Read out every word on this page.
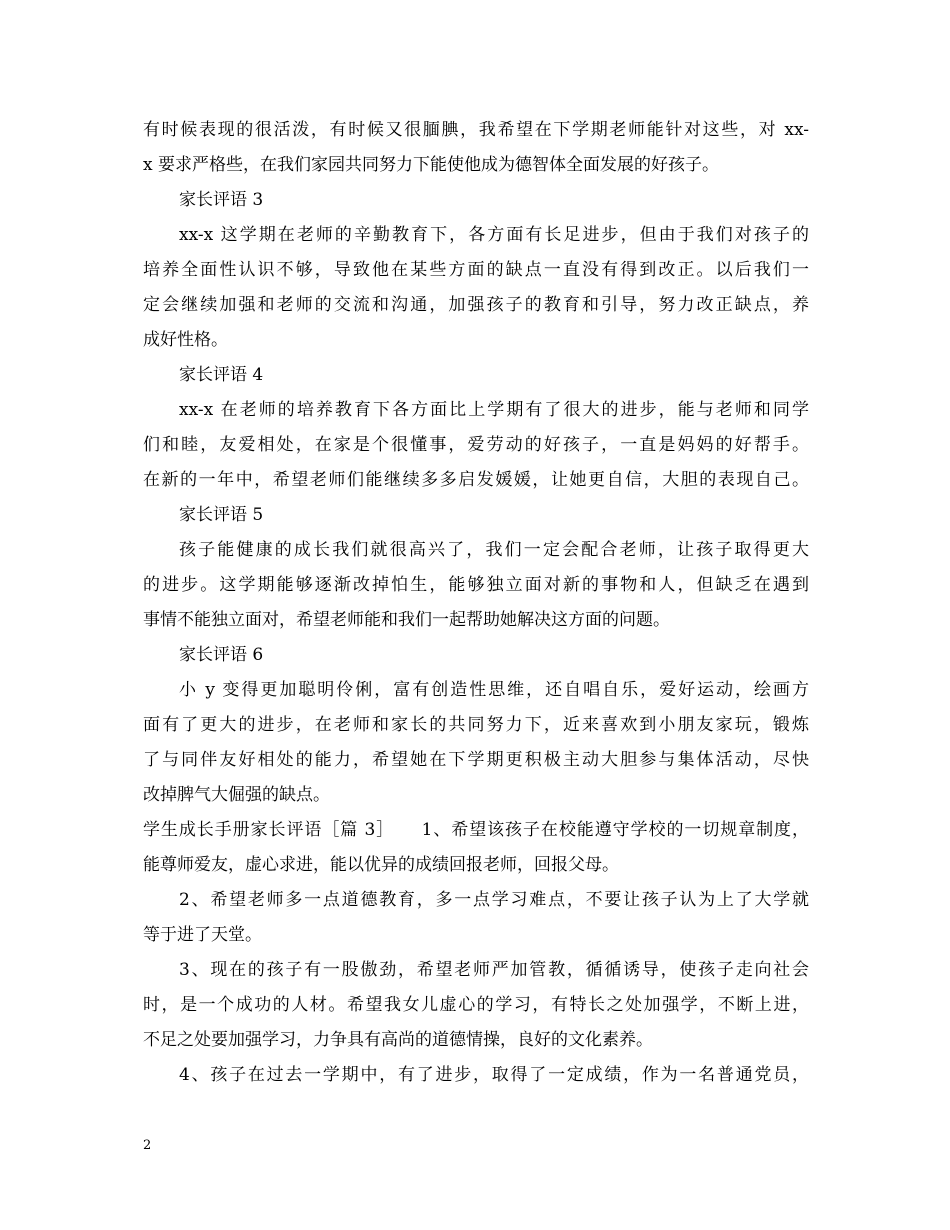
有时候表现的很活泼，有时候又很腼腆，我希望在下学期老师能针对这些，对 xx-
x 要求严格些，在我们家园共同努力下能使他成为德智体全面发展的好孩子。
家长评语 3
xx-x 这学期在老师的辛勤教育下，各方面有长足进步，但由于我们对孩子的
培养全面性认识不够，导致他在某些方面的缺点一直没有得到改正。以后我们一
定会继续加强和老师的交流和沟通，加强孩子的教育和引导，努力改正缺点，养
成好性格。
家长评语 4
xx-x 在老师的培养教育下各方面比上学期有了很大的进步，能与老师和同学
们和睦，友爱相处，在家是个很懂事，爱劳动的好孩子，一直是妈妈的好帮手。
在新的一年中，希望老师们能继续多多启发媛媛，让她更自信，大胆的表现自己。
家长评语 5
孩子能健康的成长我们就很高兴了，我们一定会配合老师，让孩子取得更大
的进步。这学期能够逐渐改掉怕生，能够独立面对新的事物和人，但缺乏在遇到
事情不能独立面对，希望老师能和我们一起帮助她解决这方面的问题。
家长评语 6
小 y 变得更加聪明伶俐，富有创造性思维，还自唱自乐，爱好运动，绘画方
面有了更大的进步，在老师和家长的共同努力下，近来喜欢到小朋友家玩，锻炼
了与同伴友好相处的能力，希望她在下学期更积极主动大胆参与集体活动，尽快
改掉脾气大倔强的缺点。
学生成长手册家长评语［篇 3］　　1、希望该孩子在校能遵守学校的一切规章制度，
能尊师爱友，虚心求进，能以优异的成绩回报老师，回报父母。
2、希望老师多一点道德教育，多一点学习难点，不要让孩子认为上了大学就
等于进了天堂。
3、现在的孩子有一股傲劲，希望老师严加管教，循循诱导，使孩子走向社会
时，是一个成功的人材。希望我女儿虚心的学习，有特长之处加强学，不断上进，
不足之处要加强学习，力争具有高尚的道德情操，良好的文化素养。
4、孩子在过去一学期中，有了进步，取得了一定成绩，作为一名普通党员，
2
